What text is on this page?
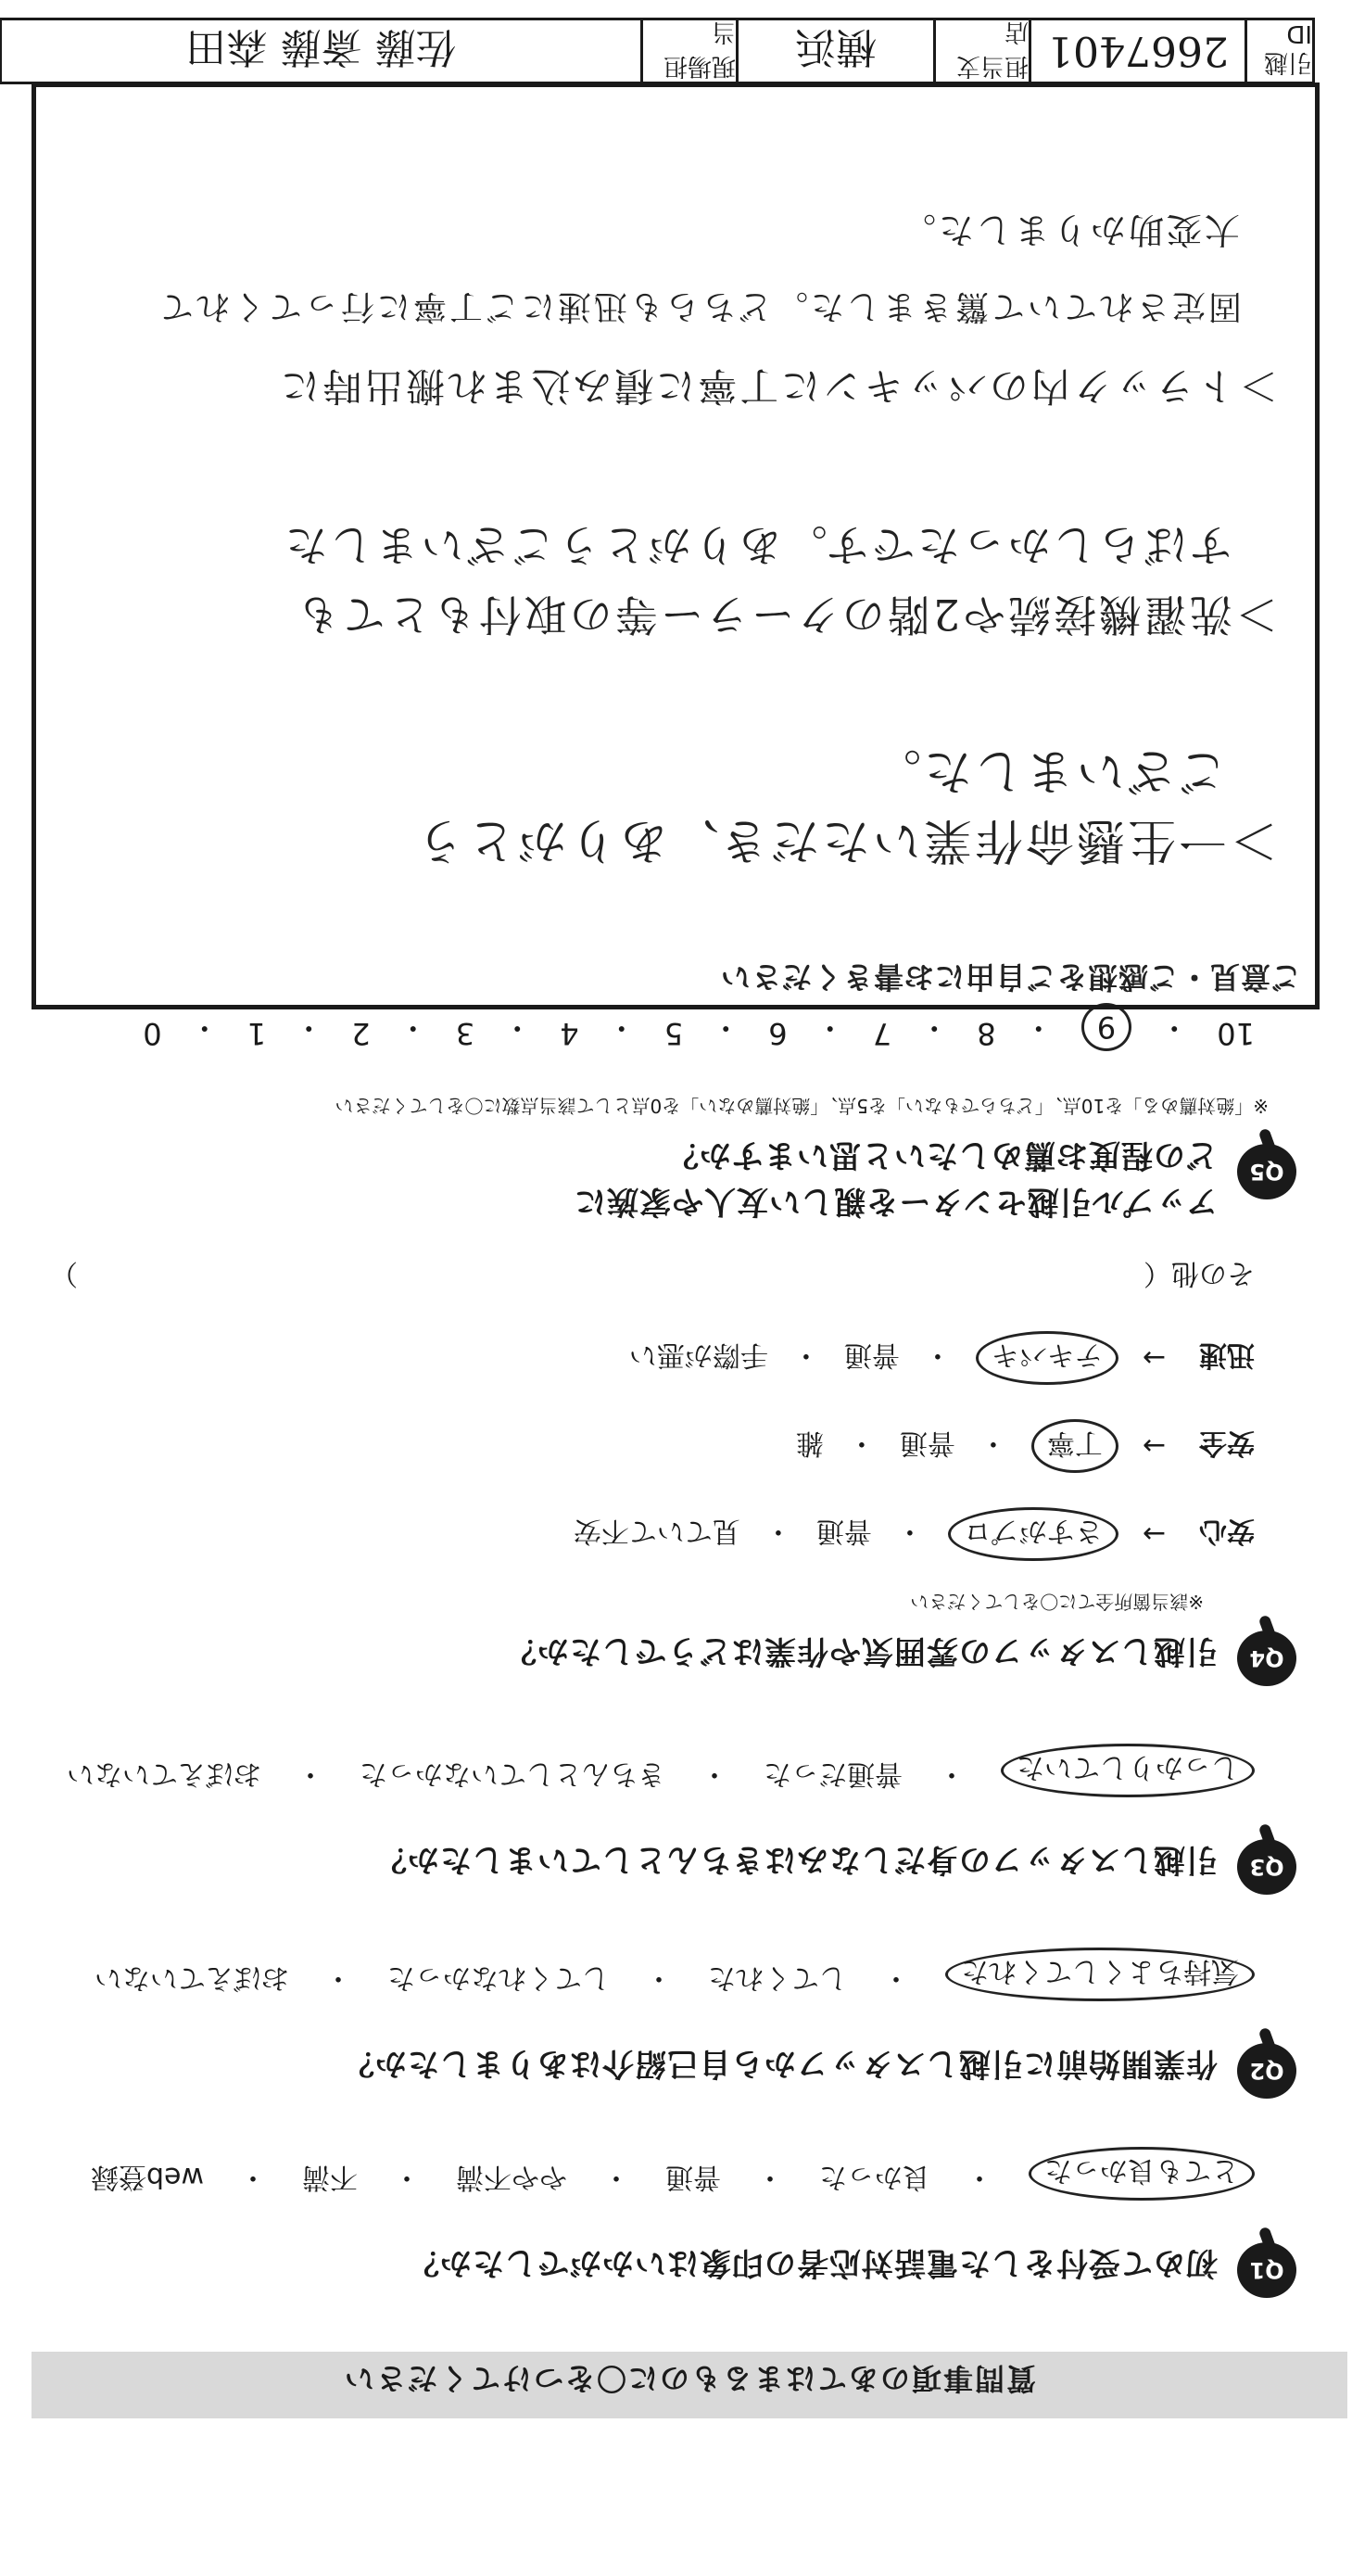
質問事項のあてはまるものに〇をつけてください
Q1
初めて受付をした電話対応者の印象はいかがでしたか？
とても良かった
・
良かった
・
普通
・
やや不満
・
不満
・
web登録
Q2
作業開始前に引越しスタッフから自己紹介はありましたか？
気持ちよくしてくれた
・
してくれた
・
してくれなかった
・
おぼえていない
Q3
引越しスタッフの身だしなみはきちんとしていましたか？
しっかりしていた
・
普通だった
・
きちんとしていなかった
・
おぼえていない
Q4
引越しスタッフの雰囲気や作業はどうでしたか？
※該当箇所全てに〇をしてください
安心
→
さすがプロ
・
普通
・
見ていて不安
安全
→
丁寧
・
普通
・
雑
迅速
→
テキパキ
・
普通
・
手際が悪い
その他（
）
Q5
アップル引越センターを親しい友人や家族に
どの程度お薦めしたいと思いますか？
※「絶対薦める」を10点、「どちらでもない」を5点、「絶対薦めない」を0点として該当点数に〇をしてください
10
・
9
・
8
・
7
・
6
・
5
・
4
・
3
・
2
・
1
・
0
ご意見・ご感想をご自由にお書きください
＞一生懸命作業いただき、ありがとう
　ございました。
＞洗濯機接続や2階のクーラー等の取付もとても
　すばらしかったです。ありがとうございました
＞トラック内のパッキンに丁寧に積み込まれ搬出時に
　固定されていて驚きました。どちらも迅速にご丁寧に行ってくれて
　大変助かりました。
引越ID
2667401
担当支店
横浜
現場担当
佐藤 斎藤 森田
